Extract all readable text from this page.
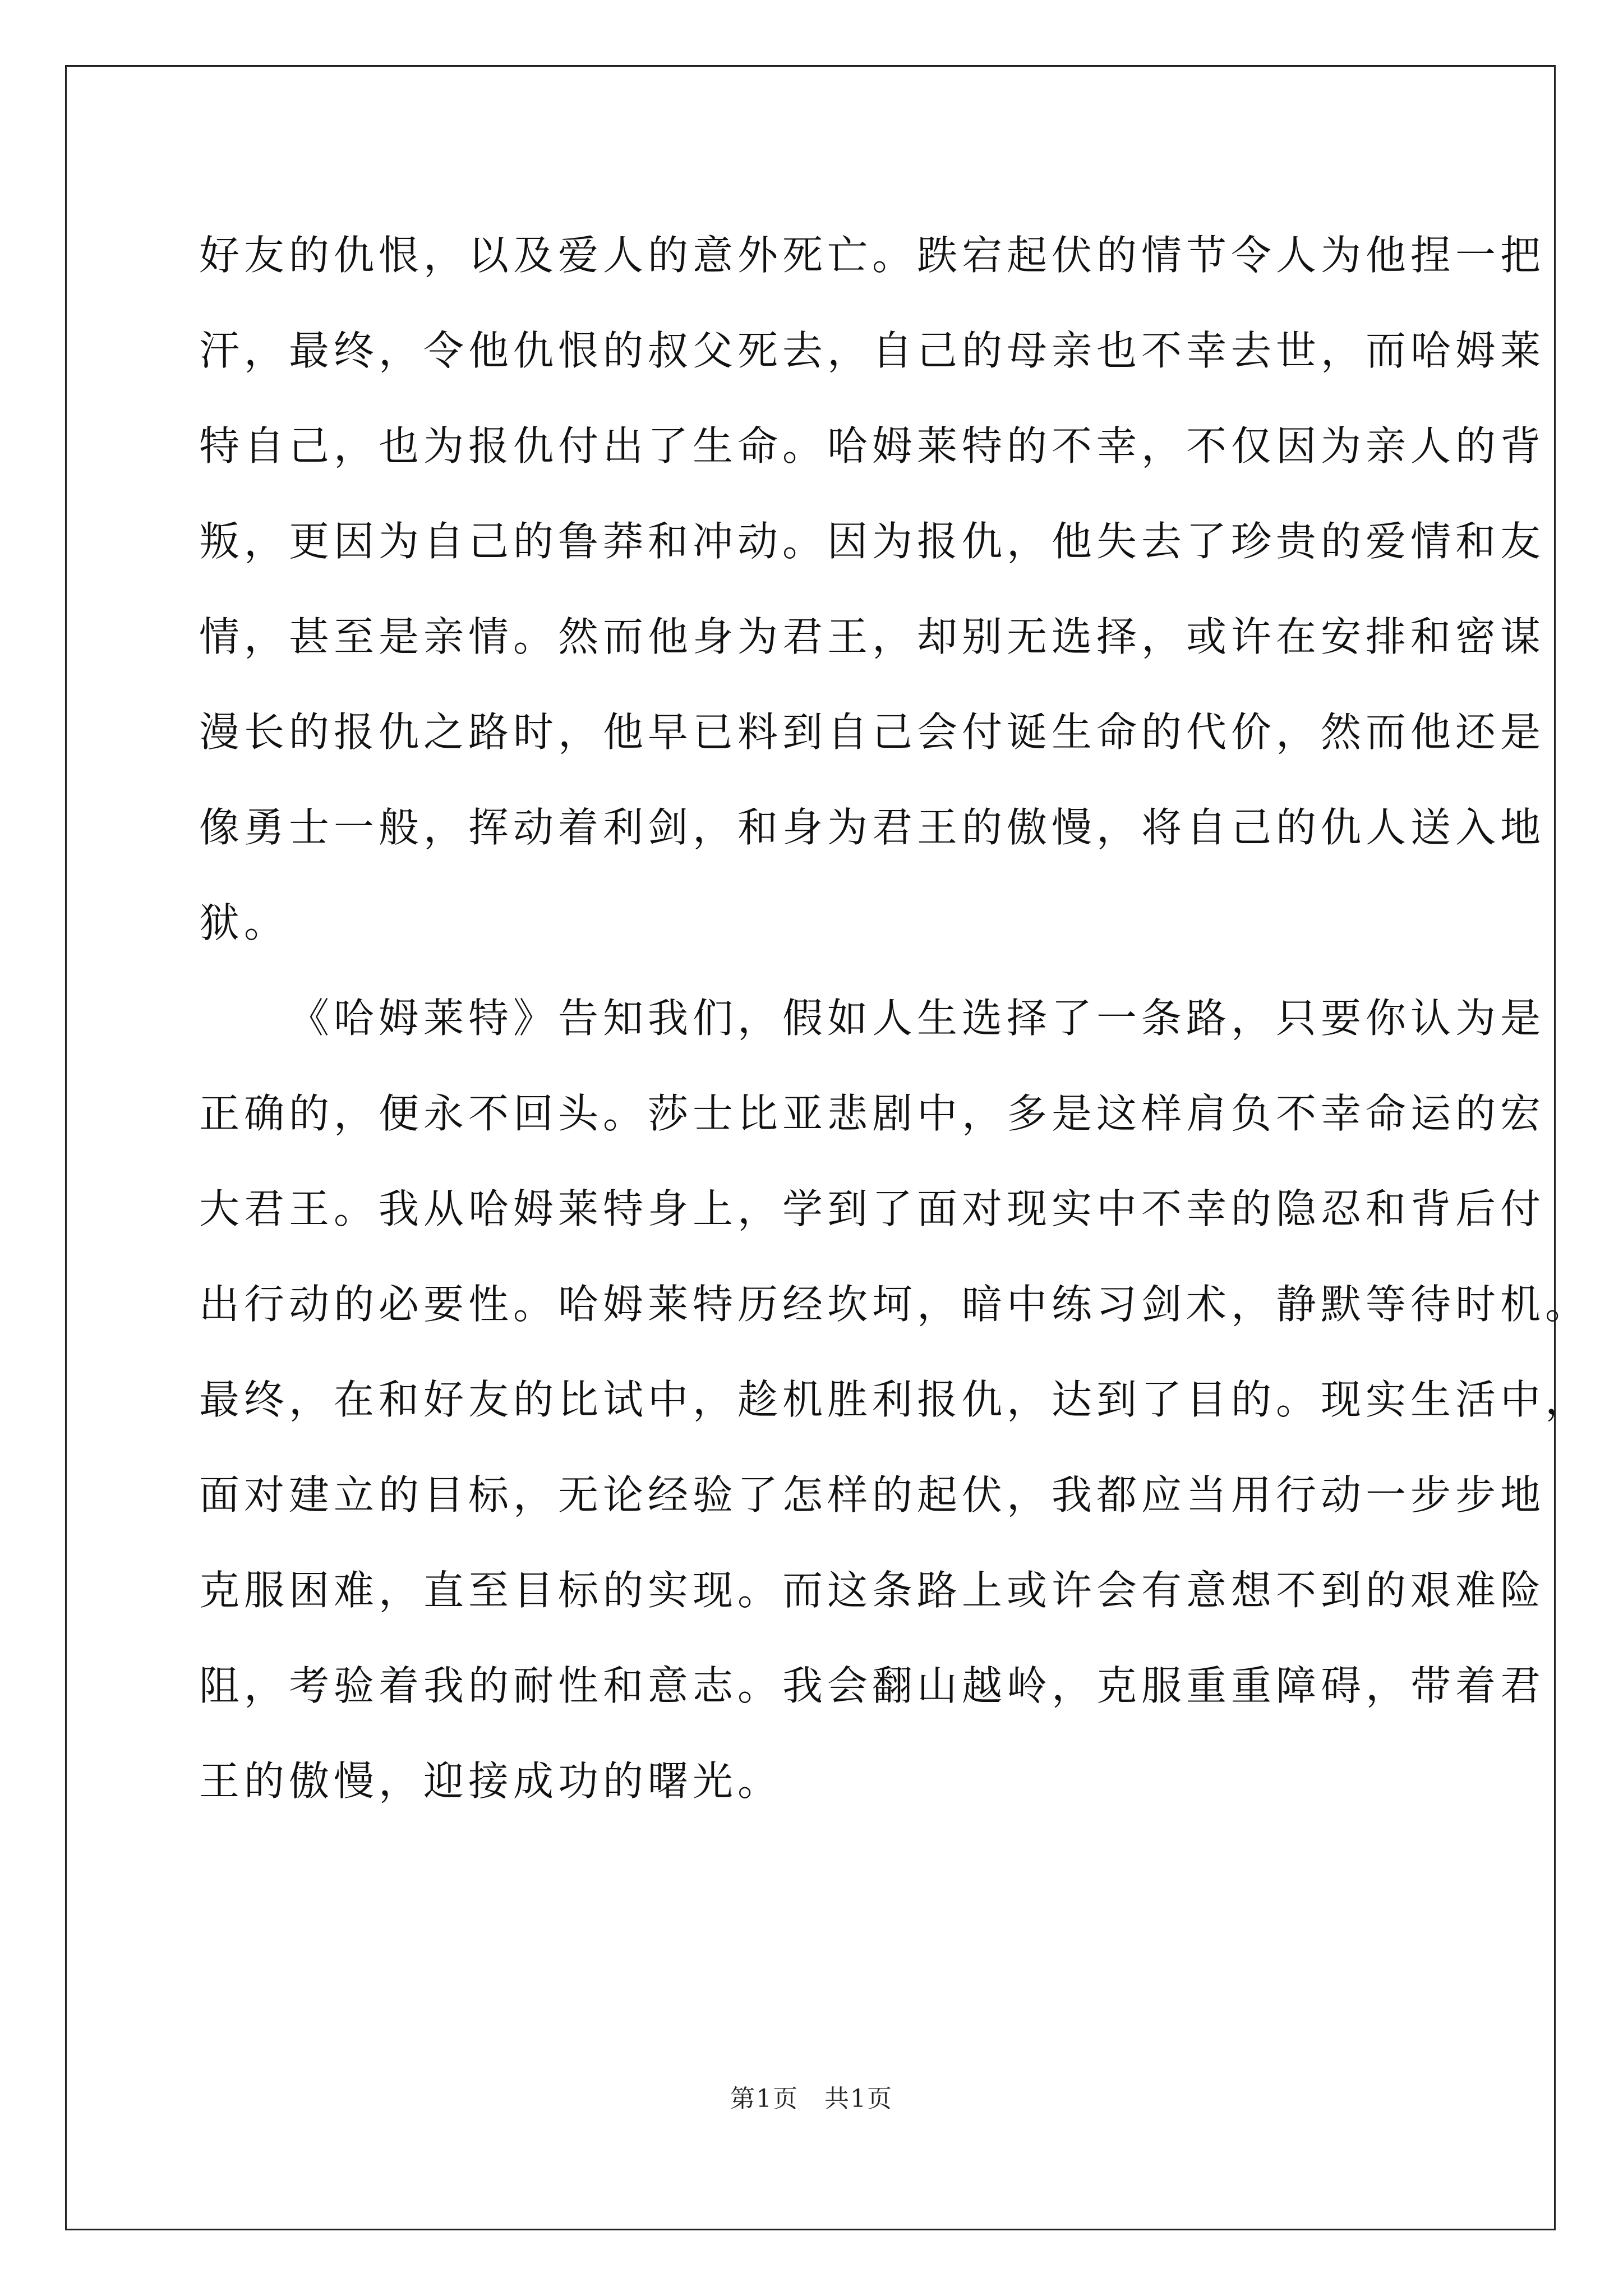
好友的仇恨，以及爱人的意外死亡。跌宕起伏的情节令人为他捏一把
汗，最终，令他仇恨的叔父死去，自己的母亲也不幸去世，而哈姆莱
特自己，也为报仇付出了生命。哈姆莱特的不幸，不仅因为亲人的背
叛，更因为自己的鲁莽和冲动。因为报仇，他失去了珍贵的爱情和友
情，甚至是亲情。然而他身为君王，却别无选择，或许在安排和密谋
漫长的报仇之路时，他早已料到自己会付诞生命的代价，然而他还是
像勇士一般，挥动着利剑，和身为君王的傲慢，将自己的仇人送入地
狱。
《哈姆莱特》告知我们，假如人生选择了一条路，只要你认为是
正确的，便永不回头。莎士比亚悲剧中，多是这样肩负不幸命运的宏
大君王。我从哈姆莱特身上，学到了面对现实中不幸的隐忍和背后付
出行动的必要性。哈姆莱特历经坎坷，暗中练习剑术，静默等待时机。
最终，在和好友的比试中，趁机胜利报仇，达到了目的。现实生活中，
面对建立的目标，无论经验了怎样的起伏，我都应当用行动一步步地
克服困难，直至目标的实现。而这条路上或许会有意想不到的艰难险
阻，考验着我的耐性和意志。我会翻山越岭，克服重重障碍，带着君
王的傲慢，迎接成功的曙光。
第1页　共1页
